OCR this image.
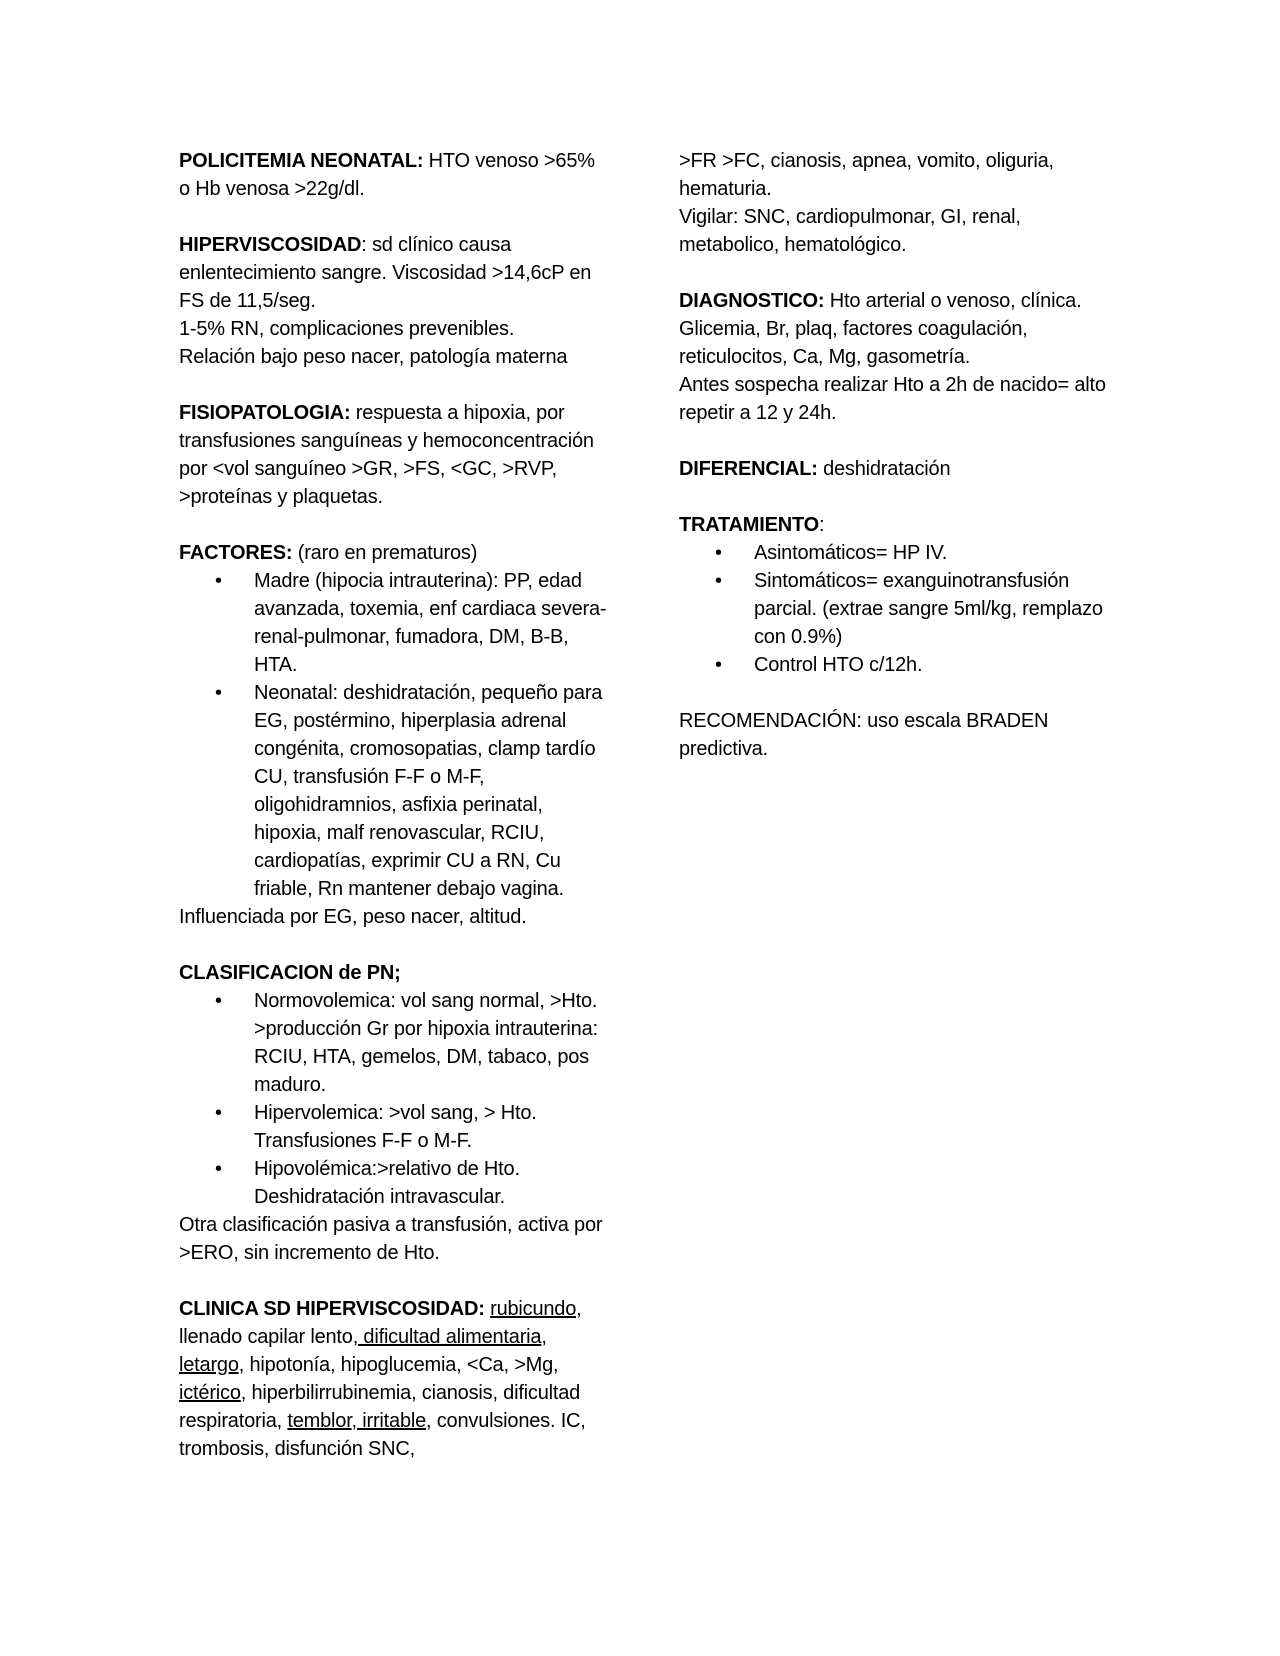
POLICITEMIA NEONATAL: HTO venoso >65% o Hb venosa >22g/dl.

HIPERVISCOSIDAD: sd clínico causa enlentecimiento sangre. Viscosidad >14,6cP en FS de 11,5/seg.

1-5% RN, complicaciones prevenibles.

Relación bajo peso nacer, patología materna

FISIOPATOLOGIA: respuesta a hipoxia, por transfusiones sanguíneas y hemoconcentración por <vol sanguíneo >GR, >FS, <GC, >RVP, >proteínas y plaquetas.

FACTORES: (raro en prematuros)

• Madre (hipocia intrauterina): PP, edad avanzada, toxemia, enf cardiaca severa-renal-pulmonar, fumadora, DM, B-B, HTA.
• Neonatal: deshidratación, pequeño para EG, postérmino, hiperplasia adrenal congénita, cromosopatias, clamp tardío CU, transfusión F-F o M-F, oligohidramnios, asfixia perinatal, hipoxia, malf renovascular, RCIU, cardiopatías, exprimir CU a RN, Cu friable, Rn mantener debajo vagina.

Influenciada por EG, peso nacer, altitud.

CLASIFICACION de PN;

• Normovolemica: vol sang normal, >Hto. >producción Gr por hipoxia intrauterina: RCIU, HTA, gemelos, DM, tabaco, pos maduro.
• Hipervolemica: >vol sang, > Hto. Transfusiones F-F o M-F.
• Hipovolémica:>relativo de Hto. Deshidratación intravascular.

Otra clasificación pasiva a transfusión, activa por >ERO, sin incremento de Hto.

CLINICA SD HIPERVISCOSIDAD: rubicundo, llenado capilar lento, dificultad alimentaria, letargo, hipotonía, hipoglucemia, <Ca, >Mg, ictérico, hiperbilirrubinemia, cianosis, dificultad respiratoria, temblor, irritable, convulsiones. IC, trombosis, disfunción SNC,

>FR >FC, cianosis, apnea, vomito, oliguria, hematuria.

Vigilar: SNC, cardiopulmonar, GI, renal, metabolico, hematológico.

DIAGNOSTICO: Hto arterial o venoso, clínica. Glicemia, Br, plaq, factores coagulación, reticulocitos, Ca, Mg, gasometría.

Antes sospecha realizar Hto a 2h de nacido= alto repetir a 12 y 24h.

DIFERENCIAL: deshidratación

TRATAMIENTO:

• Asintomáticos= HP IV.
• Sintomáticos= exanguinotransfusión parcial. (extrae sangre 5ml/kg, remplazo con 0.9%)
• Control HTO c/12h.

RECOMENDACIÓN: uso escala BRADEN predictiva.
